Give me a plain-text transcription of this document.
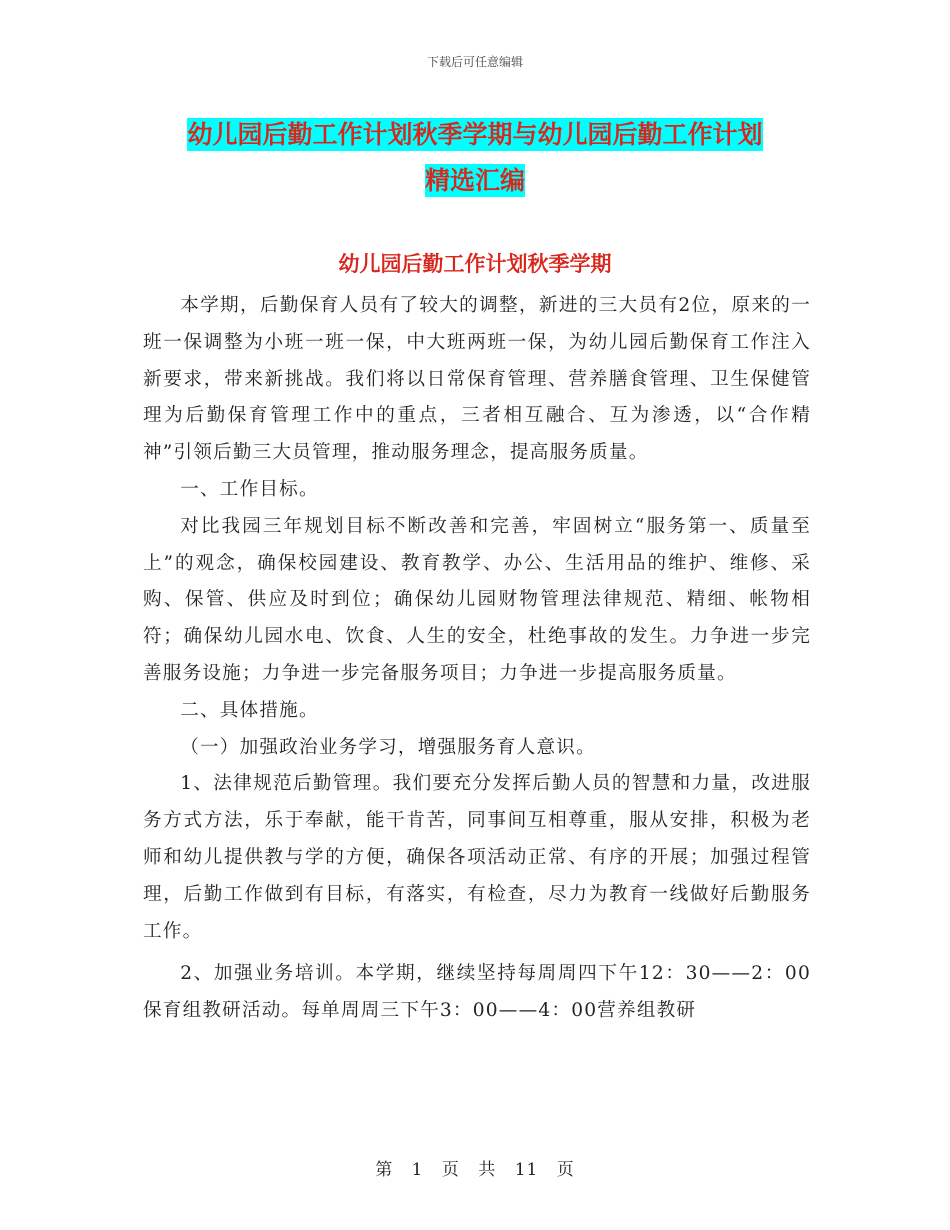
下载后可任意编辑
幼儿园后勤工作计划秋季学期与幼儿园后勤工作计划
精选汇编
幼儿园后勤工作计划秋季学期

本学期，后勤保育人员有了较大的调整，新进的三大员有2位，原来的一班一保调整为小班一班一保，中大班两班一保，为幼儿园后勤保育工作注入新要求，带来新挑战。我们将以日常保育管理、营养膳食管理、卫生保健管理为后勤保育管理工作中的重点，三者相互融合、互为渗透，以“合作精神”引领后勤三大员管理，推动服务理念，提高服务质量。

一、工作目标。

对比我园三年规划目标不断改善和完善，牢固树立“服务第一、质量至上”的观念，确保校园建设、教育教学、办公、生活用品的维护、维修、采购、保管、供应及时到位；确保幼儿园财物管理法律规范、精细、帐物相符；确保幼儿园水电、饮食、人生的安全，杜绝事故的发生。力争进一步完善服务设施；力争进一步完备服务项目；力争进一步提高服务质量。

二、具体措施。

（一）加强政治业务学习，增强服务育人意识。

1、法律规范后勤管理。我们要充分发挥后勤人员的智慧和力量，改进服务方式方法，乐于奉献，能干肯苦，同事间互相尊重，服从安排，积极为老师和幼儿提供教与学的方便，确保各项活动正常、有序的开展；加强过程管理，后勤工作做到有目标，有落实，有检查，尽力为教育一线做好后勤服务工作。

2、加强业务培训。本学期，继续坚持每周周四下午12：30——2：00保育组教研活动。每单周周三下午3：00——4：00营养组教研

第 1 页 共 11 页
